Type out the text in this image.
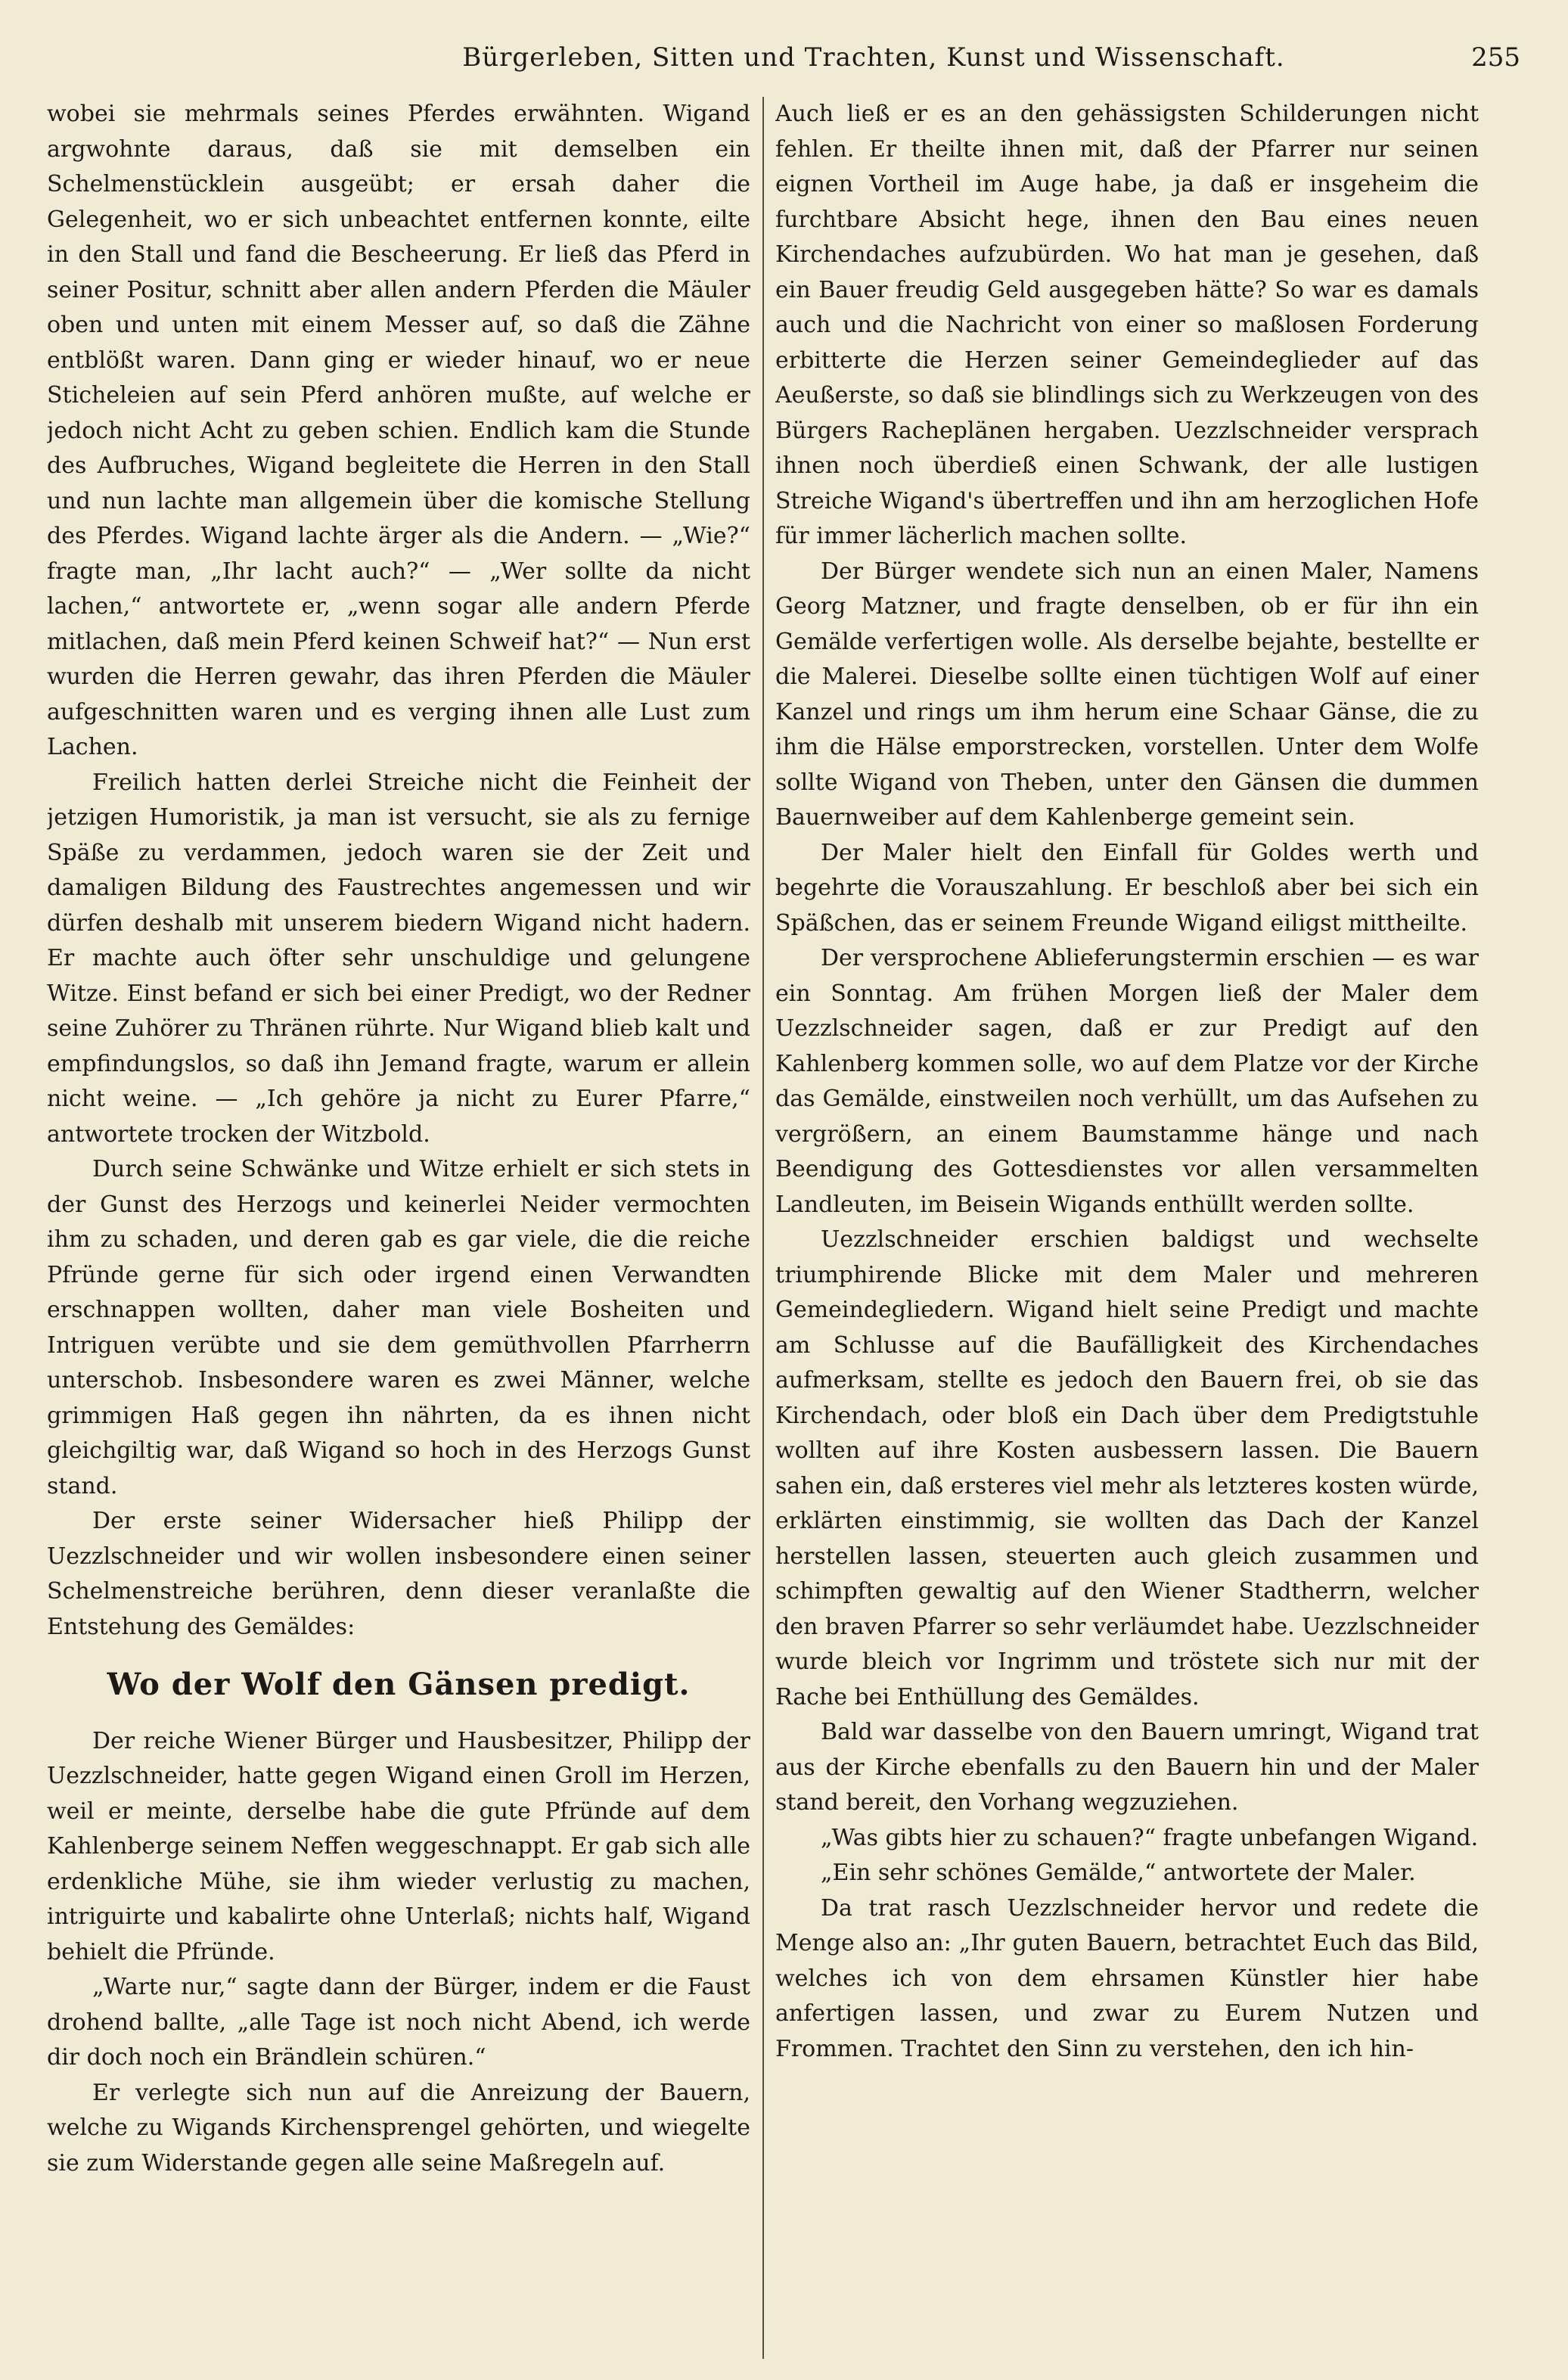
Bürgerleben, Sitten und Trachten, Kunst und Wissenschaft.	255

wobei sie mehrmals seines Pferdes erwähnten. Wigand argwohnte daraus, daß sie mit demselben ein Schelmenstücklein ausgeübt; er ersah daher die Gelegenheit, wo er sich unbeachtet entfernen konnte, eilte in den Stall und fand die Bescheerung. Er ließ das Pferd in seiner Positur, schnitt aber allen andern Pferden die Mäuler oben und unten mit einem Messer auf, so daß die Zähne entblößt waren. Dann ging er wieder hinauf, wo er neue Sticheleien auf sein Pferd anhören mußte, auf welche er jedoch nicht Acht zu geben schien. Endlich kam die Stunde des Aufbruches, Wigand begleitete die Herren in den Stall und nun lachte man allgemein über die komische Stellung des Pferdes. Wigand lachte ärger als die Andern. — „Wie?“ fragte man, „Ihr lacht auch?“ — „Wer sollte da nicht lachen,“ antwortete er, „wenn sogar alle andern Pferde mitlachen, daß mein Pferd keinen Schweif hat?“ — Nun erst wurden die Herren gewahr, das ihren Pferden die Mäuler aufgeschnitten waren und es verging ihnen alle Lust zum Lachen.

Freilich hatten derlei Streiche nicht die Feinheit der jetzigen Humoristik, ja man ist versucht, sie als zu fernige Späße zu verdammen, jedoch waren sie der Zeit und damaligen Bildung des Faustrechtes angemessen und wir dürfen deshalb mit unserem biedern Wigand nicht hadern. Er machte auch öfter sehr unschuldige und gelungene Witze. Einst befand er sich bei einer Predigt, wo der Redner seine Zuhörer zu Thränen rührte. Nur Wigand blieb kalt und empfindungslos, so daß ihn Jemand fragte, warum er allein nicht weine. — „Ich gehöre ja nicht zu Eurer Pfarre,“ antwortete trocken der Witzbold.

Durch seine Schwänke und Witze erhielt er sich stets in der Gunst des Herzogs und keinerlei Neider vermochten ihm zu schaden, und deren gab es gar viele, die die reiche Pfründe gerne für sich oder irgend einen Verwandten erschnappen wollten, daher man viele Bosheiten und Intriguen verübte und sie dem gemüthvollen Pfarrherrn unterschob. Insbesondere waren es zwei Männer, welche grimmigen Haß gegen ihn nährten, da es ihnen nicht gleichgiltig war, daß Wigand so hoch in des Herzogs Gunst stand.

Der erste seiner Widersacher hieß Philipp der Uezzlschneider und wir wollen insbesondere einen seiner Schelmenstreiche berühren, denn dieser veranlaßte die Entstehung des Gemäldes:

Wo der Wolf den Gänsen predigt.

Der reiche Wiener Bürger und Hausbesitzer, Philipp der Uezzlschneider, hatte gegen Wigand einen Groll im Herzen, weil er meinte, derselbe habe die gute Pfründe auf dem Kahlenberge seinem Neffen weggeschnappt. Er gab sich alle erdenkliche Mühe, sie ihm wieder verlustig zu machen, intriguirte und kabalirte ohne Unterlaß; nichts half, Wigand behielt die Pfründe.

„Warte nur,“ sagte dann der Bürger, indem er die Faust drohend ballte, „alle Tage ist noch nicht Abend, ich werde dir doch noch ein Brändlein schüren.“

Er verlegte sich nun auf die Anreizung der Bauern, welche zu Wigands Kirchensprengel gehörten, und wiegelte sie zum Widerstande gegen alle seine Maßregeln auf.

Auch ließ er es an den gehässigsten Schilderungen nicht fehlen. Er theilte ihnen mit, daß der Pfarrer nur seinen eignen Vortheil im Auge habe, ja daß er insgeheim die furchtbare Absicht hege, ihnen den Bau eines neuen Kirchendaches aufzubürden. Wo hat man je gesehen, daß ein Bauer freudig Geld ausgegeben hätte? So war es damals auch und die Nachricht von einer so maßlosen Forderung erbitterte die Herzen seiner Gemeindeglieder auf das Aeußerste, so daß sie blindlings sich zu Werkzeugen von des Bürgers Racheplänen hergaben. Uezzlschneider versprach ihnen noch überdieß einen Schwank, der alle lustigen Streiche Wigand's übertreffen und ihn am herzoglichen Hofe für immer lächerlich machen sollte.

Der Bürger wendete sich nun an einen Maler, Namens Georg Matzner, und fragte denselben, ob er für ihn ein Gemälde verfertigen wolle. Als derselbe bejahte, bestellte er die Malerei. Dieselbe sollte einen tüchtigen Wolf auf einer Kanzel und rings um ihm herum eine Schaar Gänse, die zu ihm die Hälse emporstrecken, vorstellen. Unter dem Wolfe sollte Wigand von Theben, unter den Gänsen die dummen Bauernweiber auf dem Kahlenberge gemeint sein.

Der Maler hielt den Einfall für Goldes werth und begehrte die Vorauszahlung. Er beschloß aber bei sich ein Späßchen, das er seinem Freunde Wigand eiligst mittheilte.

Der versprochene Ablieferungstermin erschien — es war ein Sonntag. Am frühen Morgen ließ der Maler dem Uezzlschneider sagen, daß er zur Predigt auf den Kahlenberg kommen solle, wo auf dem Platze vor der Kirche das Gemälde, einstweilen noch verhüllt, um das Aufsehen zu vergrößern, an einem Baumstamme hänge und nach Beendigung des Gottesdienstes vor allen versammelten Landleuten, im Beisein Wigands enthüllt werden sollte.

Uezzlschneider erschien baldigst und wechselte triumphirende Blicke mit dem Maler und mehreren Gemeindegliedern. Wigand hielt seine Predigt und machte am Schlusse auf die Baufälligkeit des Kirchendaches aufmerksam, stellte es jedoch den Bauern frei, ob sie das Kirchendach, oder bloß ein Dach über dem Predigtstuhle wollten auf ihre Kosten ausbessern lassen. Die Bauern sahen ein, daß ersteres viel mehr als letzteres kosten würde, erklärten einstimmig, sie wollten das Dach der Kanzel herstellen lassen, steuerten auch gleich zusammen und schimpften gewaltig auf den Wiener Stadtherrn, welcher den braven Pfarrer so sehr verläumdet habe. Uezzlschneider wurde bleich vor Ingrimm und tröstete sich nur mit der Rache bei Enthüllung des Gemäldes.

Bald war dasselbe von den Bauern umringt, Wigand trat aus der Kirche ebenfalls zu den Bauern hin und der Maler stand bereit, den Vorhang wegzuziehen.

„Was gibts hier zu schauen?“ fragte unbefangen Wigand.

„Ein sehr schönes Gemälde,“ antwortete der Maler.

Da trat rasch Uezzlschneider hervor und redete die Menge also an: „Ihr guten Bauern, betrachtet Euch das Bild, welches ich von dem ehrsamen Künstler hier habe anfertigen lassen, und zwar zu Eurem Nutzen und Frommen. Trachtet den Sinn zu verstehen, den ich hin-
